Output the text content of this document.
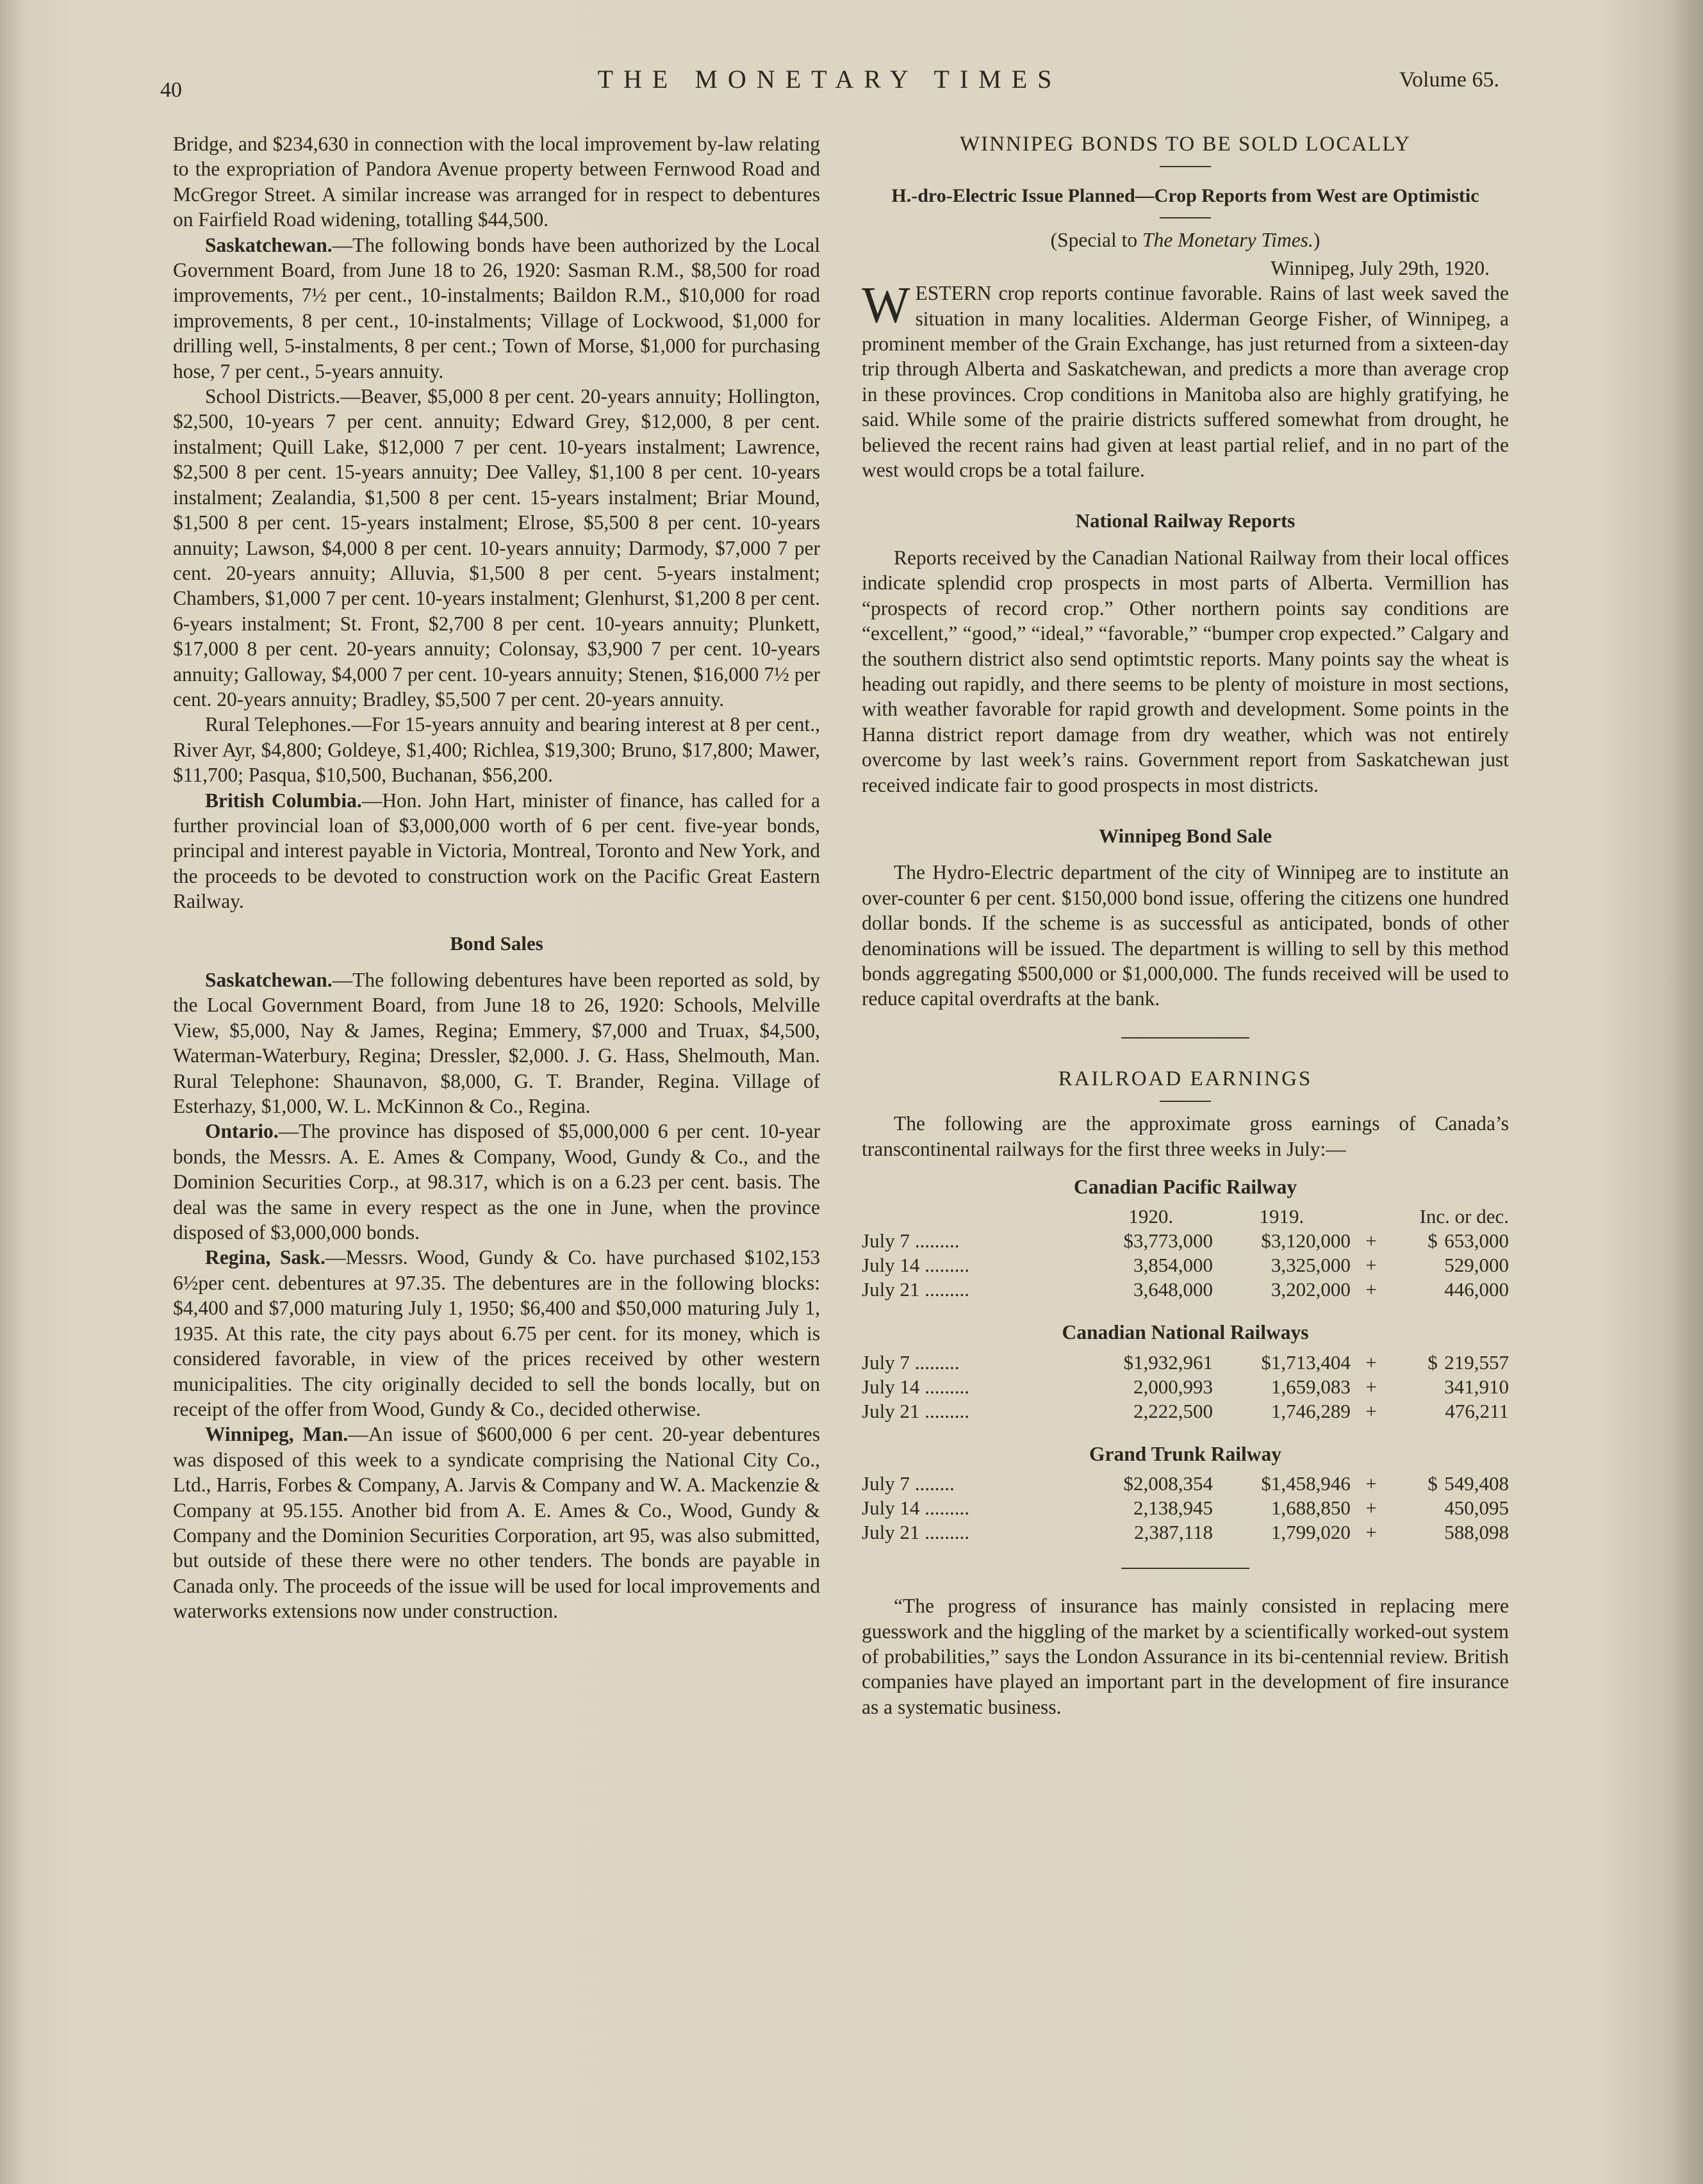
40	THE MONETARY TIMES	Volume 65.

Bridge, and $234,630 in connection with the local improvement by-law relating to the expropriation of Pandora Avenue property between Fernwood Road and McGregor Street. A similar increase was arranged for in respect to debentures on Fairfield Road widening, totalling $44,500.

Saskatchewan.—The following bonds have been authorized by the Local Government Board, from June 18 to 26, 1920: Sasman R.M., $8,500 for road improvements, 7½ per cent., 10-instalments; Baildon R.M., $10,000 for road improvements, 8 per cent., 10-instalments; Village of Lockwood, $1,000 for drilling well, 5-instalments, 8 per cent.; Town of Morse, $1,000 for purchasing hose, 7 per cent., 5-years annuity.

School Districts.—Beaver, $5,000 8 per cent. 20-years annuity; Hollington, $2,500, 10-years 7 per cent. annuity; Edward Grey, $12,000, 8 per cent. instalment; Quill Lake, $12,000 7 per cent. 10-years instalment; Lawrence, $2,500 8 per cent. 15-years annuity; Dee Valley, $1,100 8 per cent. 10-years instalment; Zealandia, $1,500 8 per cent. 15-years instalment; Briar Mound, $1,500 8 per cent. 15-years instalment; Elrose, $5,500 8 per cent. 10-years annuity; Lawson, $4,000 8 per cent. 10-years annuity; Darmody, $7,000 7 per cent. 20-years annuity; Alluvia, $1,500 8 per cent. 5-years instalment; Chambers, $1,000 7 per cent. 10-years instalment; Glenhurst, $1,200 8 per cent. 6-years instalment; St. Front, $2,700 8 per cent. 10-years annuity; Plunkett, $17,000 8 per cent. 20-years annuity; Colonsay, $3,900 7 per cent. 10-years annuity; Galloway, $4,000 7 per cent. 10-years annuity; Stenen, $16,000 7½ per cent. 20-years annuity; Bradley, $5,500 7 per cent. 20-years annuity.

Rural Telephones.—For 15-years annuity and bearing interest at 8 per cent., River Ayr, $4,800; Goldeye, $1,400; Richlea, $19,300; Bruno, $17,800; Mawer, $11,700; Pasqua, $10,500, Buchanan, $56,200.

British Columbia.—Hon. John Hart, minister of finance, has called for a further provincial loan of $3,000,000 worth of 6 per cent. five-year bonds, principal and interest payable in Victoria, Montreal, Toronto and New York, and the proceeds to be devoted to construction work on the Pacific Great Eastern Railway.

Bond Sales

Saskatchewan.—The following debentures have been reported as sold, by the Local Government Board, from June 18 to 26, 1920: Schools, Melville View, $5,000, Nay & James, Regina; Emmery, $7,000 and Truax, $4,500, Waterman-Waterbury, Regina; Dressler, $2,000. J. G. Hass, Shelmouth, Man. Rural Telephone: Shaunavon, $8,000, G. T. Brander, Regina. Village of Esterhazy, $1,000, W. L. McKinnon & Co., Regina.

Ontario.—The province has disposed of $5,000,000 6 per cent. 10-year bonds, the Messrs. A. E. Ames & Company, Wood, Gundy & Co., and the Dominion Securities Corp., at 98.317, which is on a 6.23 per cent. basis. The deal was the same in every respect as the one in June, when the province disposed of $3,000,000 bonds.

Regina, Sask.—Messrs. Wood, Gundy & Co. have purchased $102,153 6½per cent. debentures at 97.35. The debentures are in the following blocks: $4,400 and $7,000 maturing July 1, 1950; $6,400 and $50,000 maturing July 1, 1935. At this rate, the city pays about 6.75 per cent. for its money, which is considered favorable, in view of the prices received by other western municipalities. The city originally decided to sell the bonds locally, but on receipt of the offer from Wood, Gundy & Co., decided otherwise.

Winnipeg, Man.—An issue of $600,000 6 per cent. 20-year debentures was disposed of this week to a syndicate comprising the National City Co., Ltd., Harris, Forbes & Company, A. Jarvis & Company and W. A. Mackenzie & Company at 95.155. Another bid from A. E. Ames & Co., Wood, Gundy & Company and the Dominion Securities Corporation, art 95, was also submitted, but outside of these there were no other tenders. The bonds are payable in Canada only. The proceeds of the issue will be used for local improvements and waterworks extensions now under construction.

WINNIPEG BONDS TO BE SOLD LOCALLY
H.-dro-Electric Issue Planned—Crop Reports from West are Optimistic
(Special to The Monetary Times.)
Winnipeg, July 29th, 1920.

WESTERN crop reports continue favorable. Rains of last week saved the situation in many localities. Alderman George Fisher, of Winnipeg, a prominent member of the Grain Exchange, has just returned from a sixteen-day trip through Alberta and Saskatchewan, and predicts a more than average crop in these provinces. Crop conditions in Manitoba also are highly gratifying, he said. While some of the prairie districts suffered somewhat from drought, he believed the recent rains had given at least partial relief, and in no part of the west would crops be a total failure.

National Railway Reports

Reports received by the Canadian National Railway from their local offices indicate splendid crop prospects in most parts of Alberta. Vermillion has “prospects of record crop.” Other northern points say conditions are “excellent,” “good,” “ideal,” “favorable,” “bumper crop expected.” Calgary and the southern district also send optimtstic reports. Many points say the wheat is heading out rapidly, and there seems to be plenty of moisture in most sections, with weather favorable for rapid growth and development. Some points in the Hanna district report damage from dry weather, which was not entirely overcome by last week’s rains. Government report from Saskatchewan just received indicate fair to good prospects in most districts.

Winnipeg Bond Sale

The Hydro-Electric department of the city of Winnipeg are to institute an over-counter 6 per cent. $150,000 bond issue, offering the citizens one hundred dollar bonds. If the scheme is as successful as anticipated, bonds of other denominations will be issued. The department is willing to sell by this method bonds aggregating $500,000 or $1,000,000. The funds received will be used to reduce capital overdrafts at the bank.

RAILROAD EARNINGS

The following are the approximate gross earnings of Canada’s transcontinental railways for the first three weeks in July:—

Canadian Pacific Railway
	1920.	1919.	Inc. or dec.	
July 7 .........	$3,773,000	$3,120,000	+	$ 653,000
July 14 .........	3,854,000	3,325,000	+	529,000
July 21 .........	3,648,000	3,202,000	+	446,000
Canadian National Railways
July 7 .........	$1,932,961	$1,713,404	+	$ 219,557
July 14 .........	2,000,993	1,659,083	+	341,910
July 21 .........	2,222,500	1,746,289	+	476,211
Grand Trunk Railway
July 7 ........	$2,008,354	$1,458,946	+	$ 549,408
July 14 .........	2,138,945	1,688,850	+	450,095
July 21 .........	2,387,118	1,799,020	+	588,098

“The progress of insurance has mainly consisted in replacing mere guesswork and the higgling of the market by a scientifically worked-out system of probabilities,” says the London Assurance in its bi-centennial review. British companies have played an important part in the development of fire insurance as a systematic business.
